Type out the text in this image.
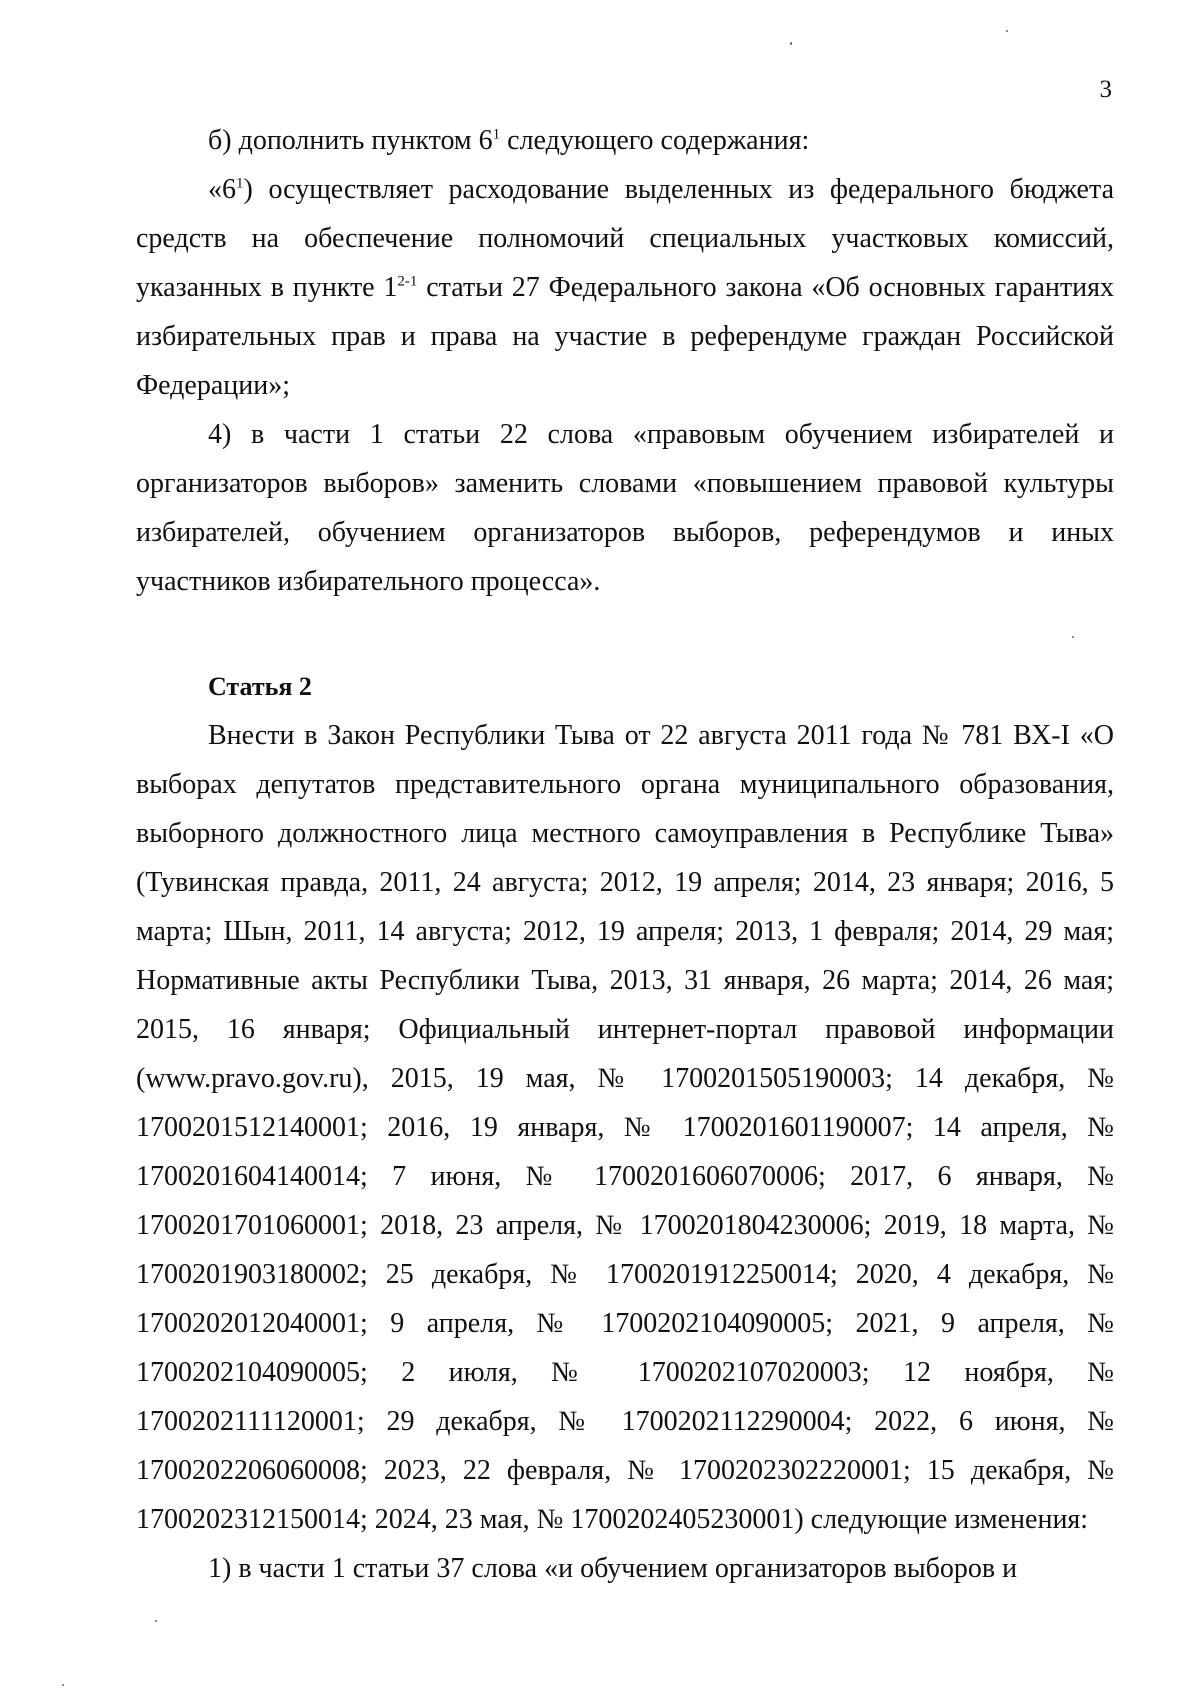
3

б) дополнить пунктом $6^1$ следующего содержания:

«$6^1$) осуществляет расходование выделенных из федерального бюджета средств на обеспечение полномочий специальных участковых комиссий, указанных в пункте 1$^{2-1}$ статьи 27 Федерального закона «Об основных гарантиях избирательных прав и права на участие в референдуме граждан Российской Федерации»;

4) в части 1 статьи 22 слова «правовым обучением избирателей и организаторов выборов» заменить словами «повышением правовой культуры избирателей, обучением организаторов выборов, референдумов и иных участников избирательного процесса».

Статья 2

Внести в Закон Республики Тыва от 22 августа 2011 года № 781 ВХ-I «О выборах депутатов представительного органа муниципального образования, выборного должностного лица местного самоуправления в Республике Тыва» (Тувинская правда, 2011, 24 августа; 2012, 19 апреля; 2014, 23 января; 2016, 5 марта; Шын, 2011, 14 августа; 2012, 19 апреля; 2013, 1 февраля; 2014, 29 мая; Нормативные акты Республики Тыва, 2013, 31 января, 26 марта; 2014, 26 мая; 2015, 16 января; Официальный интернет-портал правовой информации (www.pravo.gov.ru), 2015, 19 мая, № 1700201505190003; 14 декабря, № 1700201512140001; 2016, 19 января, № 1700201601190007; 14 апреля, № 1700201604140014; 7 июня, № 1700201606070006; 2017, 6 января, № 1700201701060001; 2018, 23 апреля, № 1700201804230006; 2019, 18 марта, № 1700201903180002; 25 декабря, № 1700201912250014; 2020, 4 декабря, № 1700202012040001; 9 апреля, № 1700202104090005; 2021, 9 апреля, № 1700202104090005; 2 июля, № 1700202107020003; 12 ноября, № 1700202111120001; 29 декабря, № 1700202112290004; 2022, 6 июня, № 1700202206060008; 2023, 22 февраля, № 1700202302220001; 15 декабря, № 1700202312150014; 2024, 23 мая, № 1700202405230001) следующие изменения:

1) в части 1 статьи 37 слова «и обучением организаторов выборов и
